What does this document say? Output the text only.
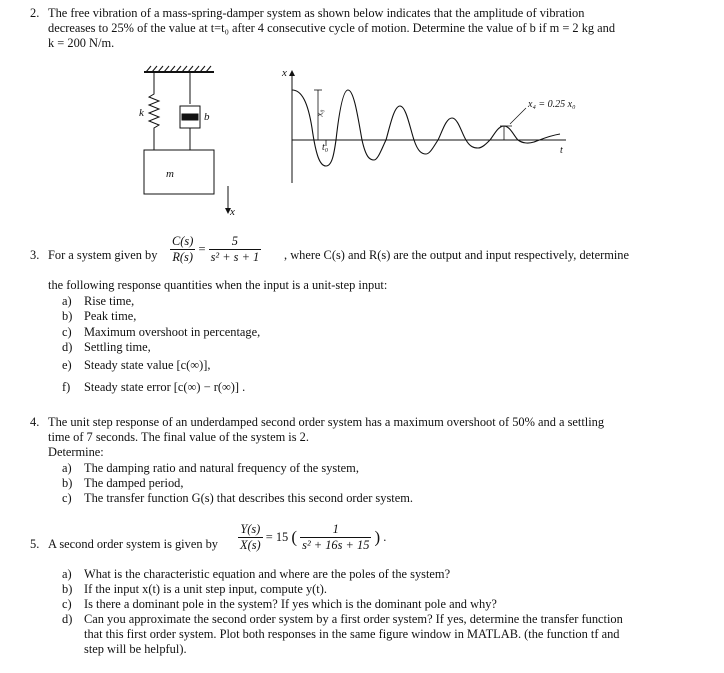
2. The free vibration of a mass-spring-damper system as shown below indicates that the amplitude of vibration
decreases to 25% of the value at t=t₀ after 4 consecutive cycle of motion. Determine the value of b if m = 2 kg and
k = 200 N/m.
k	b
m
x
x
x₀
t₀	t
x₄ = 0.25 x₀
3. For a system given by $\frac{C(s)}{R(s)} = \frac{5}{\text{s² + s + 1}}$ , where C(s) and R(s) are the output and input respectively, determine
the following response quantities when the input is a unit-step input:
a) Rise time,
b) Peak time,
c) Maximum overshoot in percentage,
d) Settling time,
e) Steady state value [c(∞)],
f) Steady state error [c(∞) − r(∞)] .
4. The unit step response of an underdamped second order system has a maximum overshoot of 50% and a settling
time of 7 seconds. The final value of the system is 2.
Determine:
a) The damping ratio and natural frequency of the system,
b) The damped period,
c) The transfer function G(s) that describes this second order system.
5. A second order system is given by $\frac{Y(s)}{X(s)} = 15$ ( $\frac{1}{\text{s² + 16s + 15}}$ ) .
a) What is the characteristic equation and where are the poles of the system?
b) If the input x(t) is a unit step input, compute y(t).
c) Is there a dominant pole in the system? If yes which is the dominant pole and why?
d) Can you approximate the second order system by a first order system? If yes, determine the transfer function
that this first order system. Plot both responses in the same figure window in MATLAB. (the function tf and
step will be helpful).
